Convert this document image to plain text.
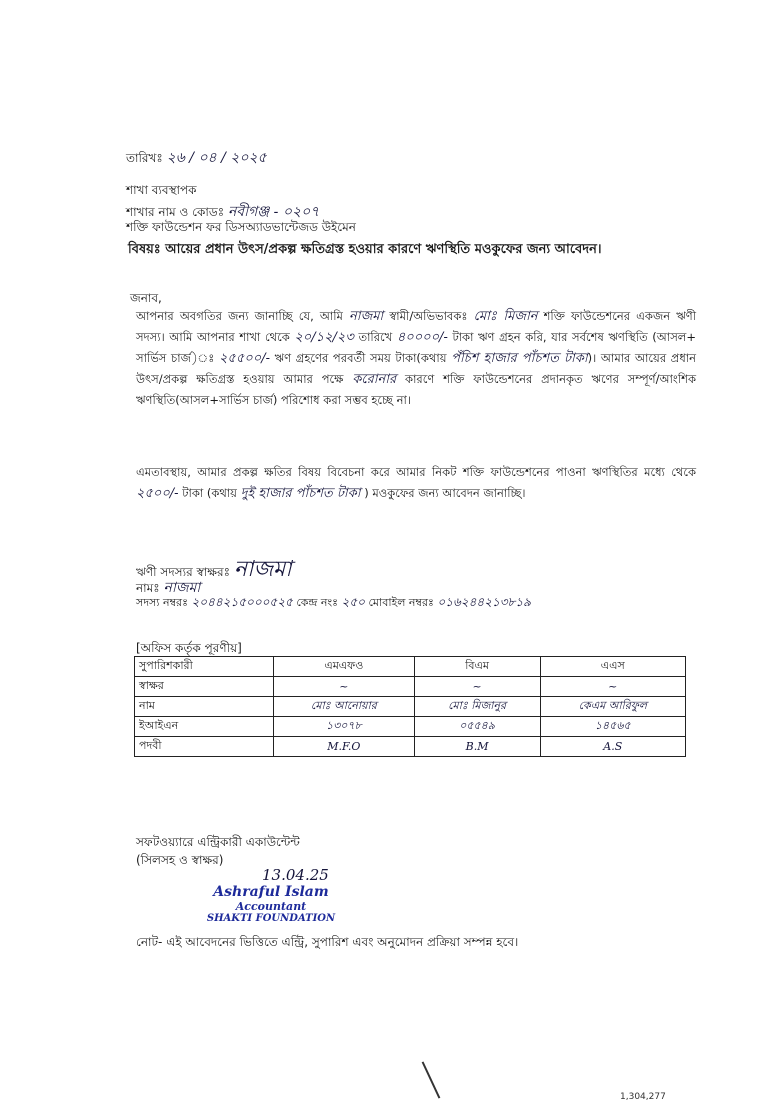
তারিখঃ ২৬ / ০৪ / ২০২৫
শাখা ব্যবস্থাপক
শাখার নাম ও কোডঃ নবীগঞ্জ - ০২০৭
শক্তি ফাউন্ডেশন ফর ডিসঅ্যাডভান্টেজড উইমেন
বিষয়ঃ আয়ের প্রধান উৎস/প্রকল্প ক্ষতিগ্রস্ত হওয়ার কারণে ঋণস্থিতি মওকুফের জন্য আবেদন।
জনাব,
আপনার অবগতির জন্য জানাচ্ছি যে, আমি নাজমা স্বামী/অভিভাবকঃ মোঃ মিজান শক্তি ফাউন্ডেশনের একজন ঋণী সদস্য। আমি আপনার শাখা থেকে ২০/১২/২৩ তারিখে ৪০০০০/- টাকা ঋণ গ্রহন করি, যার সর্বশেষ ঋণস্থিতি (আসল+ সার্ভিস চার্জ)ঃ ২৫৫০০/- ঋণ গ্রহণের পরবর্তী সময় টাকা(কথায় পঁচিশ হাজার পাঁচশত টাকা)। আমার আয়ের প্রধান উৎস/প্রকল্প ক্ষতিগ্রস্ত হওয়ায় আমার পক্ষে করোনার কারণে শক্তি ফাউন্ডেশনের প্রদানকৃত ঋণের সম্পূর্ণ/আংশিক ঋণস্থিতি(আসল+সার্ভিস চার্জ) পরিশোধ করা সম্ভব হচ্ছে না।
এমতাবস্থায়, আমার প্রকল্প ক্ষতির বিষয় বিবেচনা করে আমার নিকট শক্তি ফাউন্ডেশনের পাওনা ঋণস্থিতির মধ্যে থেকে ২৫০০/- টাকা (কথায় দুই হাজার পাঁচশত টাকা ) মওকুফের জন্য আবেদন জানাচ্ছি।
ঋণী সদস্যর স্বাক্ষরঃ নাজমা
নামঃ নাজমা
সদস্য নম্বরঃ ২০৪৪২১৫০০০৫২৫ কেন্দ্র নংঃ ২৫০ মোবাইল নম্বরঃ ০১৬২৪৪২১৩৮১৯
[অফিস কর্তৃক পূরণীয়]
সুপারিশকারী	এমএফও	বিএম	এএস
স্বাক্ষর	~	~	~
নাম	মোঃ আনোয়ার	মোঃ মিজানুর	কেএম আরিফুল
ইআইএন	১৩০৭৮	০৫৫৪৯	১৪৫৬৫
পদবী	M.F.O	B.M	A.S
সফটওয়্যারে এন্ট্রিকারী একাউন্টেন্ট
(সিলসহ ও স্বাক্ষর)
13.04.25
Ashraful Islam
Accountant
SHAKTI FOUNDATION
নোট- এই আবেদনের ভিত্তিতে এন্ট্রি, সুপারিশ এবং অনুমোদন প্রক্রিয়া সম্পন্ন হবে।
1,304,277
